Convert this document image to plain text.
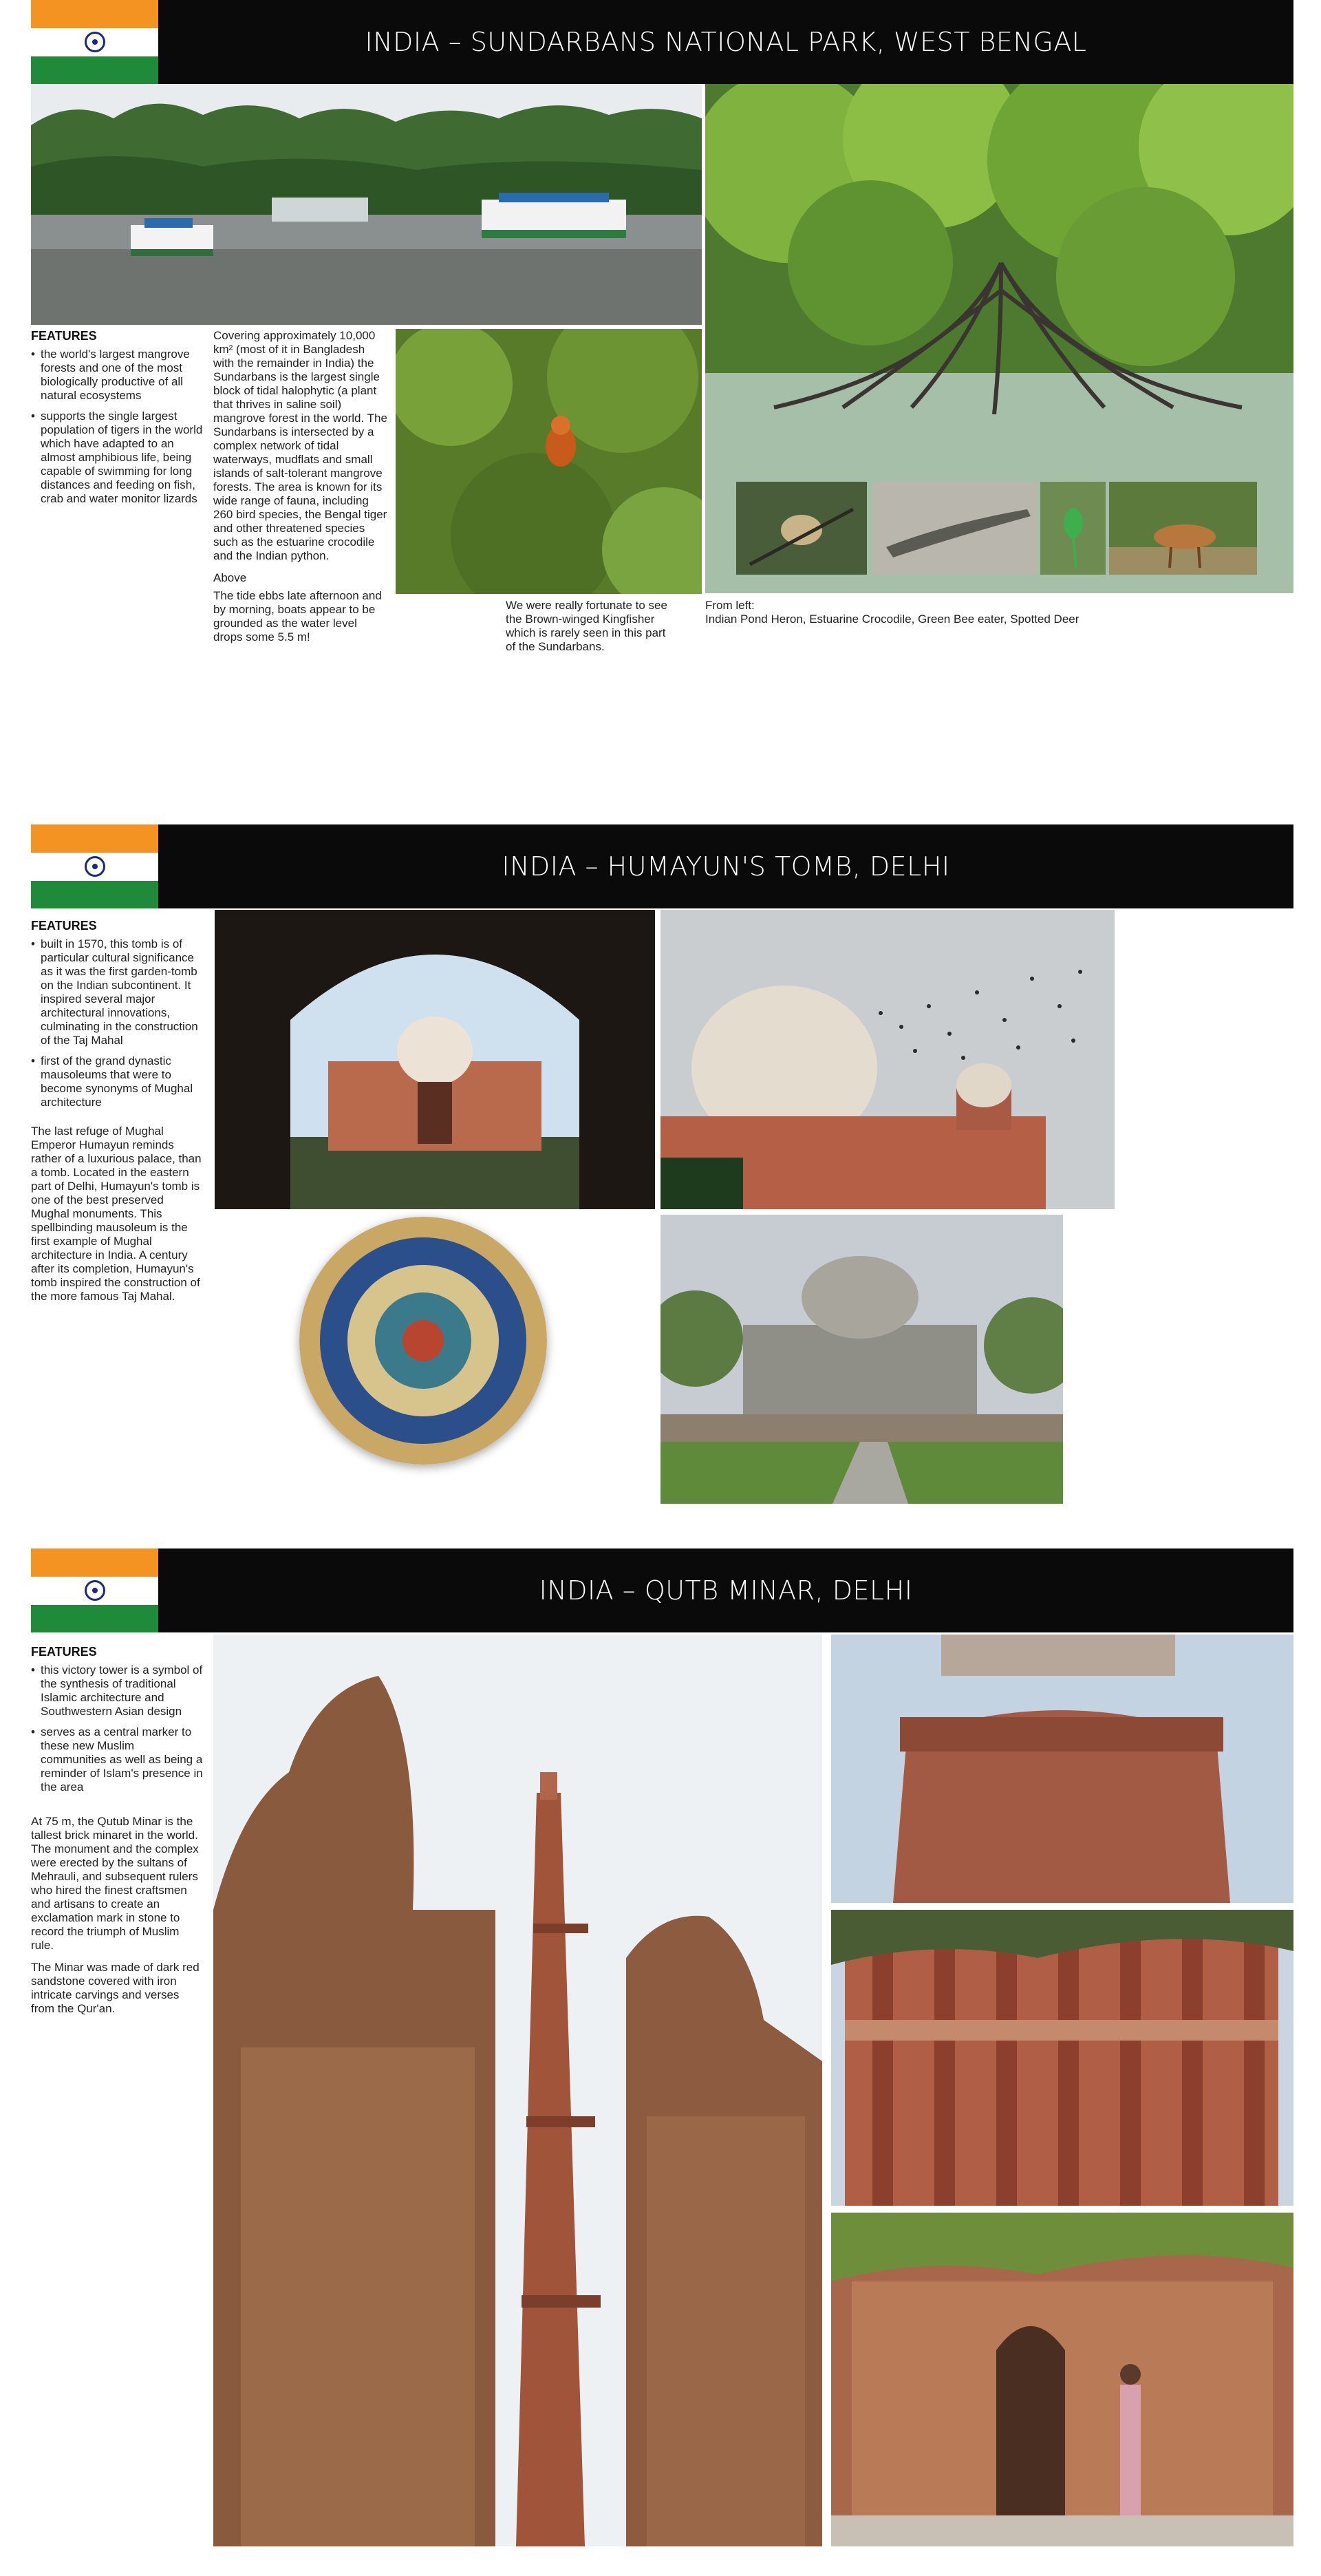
INDIA – SUNDARBANS NATIONAL PARK, WEST BENGAL
FEATURES
• the world's largest mangrove forests and one of the most biologically productive of all natural ecosystems
• supports the single largest population of tigers in the world which have adapted to an almost amphibious life, being capable of swimming for long distances and feeding on fish, crab and water monitor lizards

Covering approximately 10,000 km² (most of it in Bangladesh with the remainder in India) the Sundarbans is the largest single block of tidal halophytic (a plant that thrives in saline soil) mangrove forest in the world. The Sundarbans is intersected by a complex network of tidal waterways, mudflats and small islands of salt-tolerant mangrove forests. The area is known for its wide range of fauna, including 260 bird species, the Bengal tiger and other threatened species such as the estuarine crocodile and the Indian python.

Above

The tide ebbs late afternoon and by morning, boats appear to be grounded as the water level drops some 5.5 m!

We were really fortunate to see the Brown-winged Kingfisher which is rarely seen in this part of the Sundarbans.
From left:
Indian Pond Heron, Estuarine Crocodile, Green Bee eater, Spotted Deer
INDIA – HUMAYUN'S TOMB, DELHI
FEATURES
• built in 1570, this tomb is of particular cultural significance as it was the first garden-tomb on the Indian subcontinent. It inspired several major architectural innovations, culminating in the construction of the Taj Mahal
• first of the grand dynastic mausoleums that were to become synonyms of Mughal architecture
The last refuge of Mughal Emperor Humayun reminds rather of a luxurious palace, than a tomb. Located in the eastern part of Delhi, Humayun's tomb is one of the best preserved Mughal monuments. This spellbinding mausoleum is the first example of Mughal architecture in India. A century after its completion, Humayun's tomb inspired the construction of the more famous Taj Mahal.
INDIA – QUTB MINAR, DELHI
FEATURES
• this victory tower is a symbol of the synthesis of traditional Islamic architecture and Southwestern Asian design
• serves as a central marker to these new Muslim communities as well as being a reminder of Islam's presence in the area

At 75 m, the Qutub Minar is the tallest brick minaret in the world. The monument and the complex were erected by the sultans of Mehrauli, and subsequent rulers who hired the finest craftsmen and artisans to create an exclamation mark in stone to record the triumph of Muslim rule.

The Minar was made of dark red sandstone covered with iron intricate carvings and verses from the Qur'an.
